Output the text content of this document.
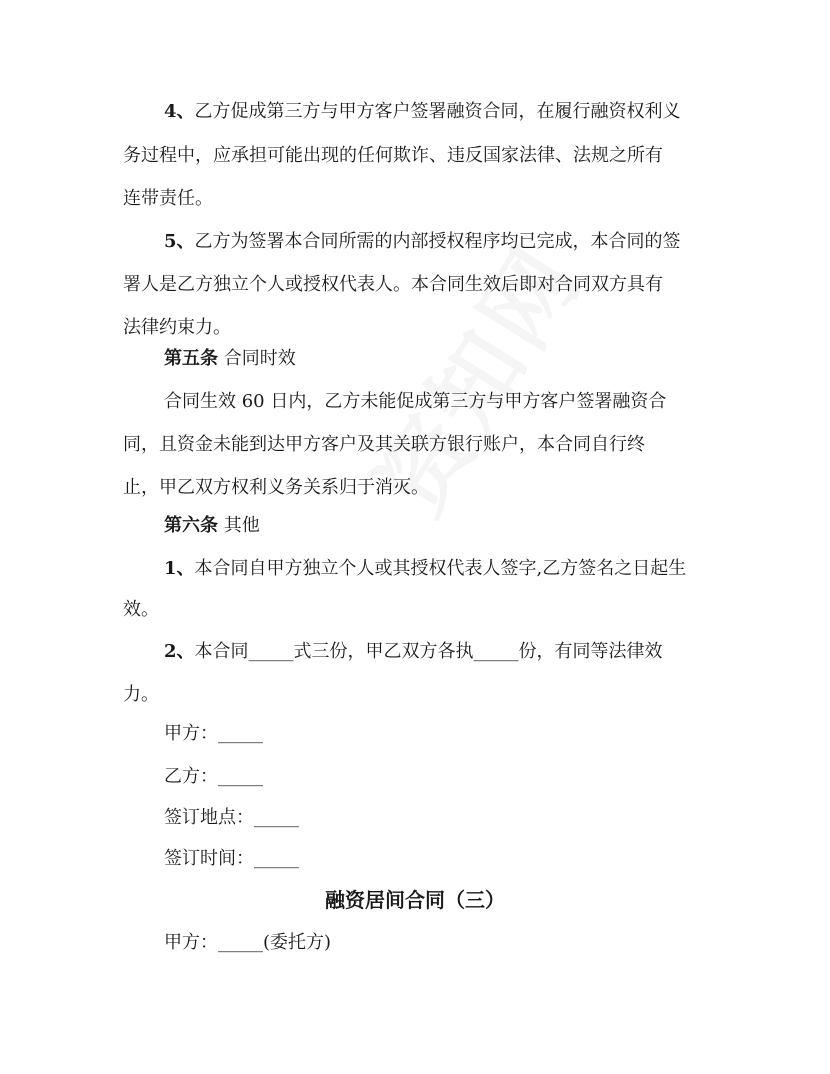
4、乙方促成第三方与甲方客户签署融资合同，在履行融资权利义
务过程中，应承担可能出现的任何欺诈、违反国家法律、法规之所有
连带责任。
5、乙方为签署本合同所需的内部授权程序均已完成，本合同的签
署人是乙方独立个人或授权代表人。本合同生效后即对合同双方具有
法律约束力。
第五条 合同时效
合同生效 60 日内，乙方未能促成第三方与甲方客户签署融资合
同，且资金未能到达甲方客户及其关联方银行账户，本合同自行终
止，甲乙双方权利义务关系归于消灭。
第六条 其他
1、本合同自甲方独立个人或其授权代表人签字,乙方签名之日起生
效。
2、本合同_____式三份，甲乙双方各执_____份，有同等法律效
力。
甲方：_____
乙方：_____
签订地点：_____
签订时间：_____
融资居间合同（三）
甲方：_____(委托方)
